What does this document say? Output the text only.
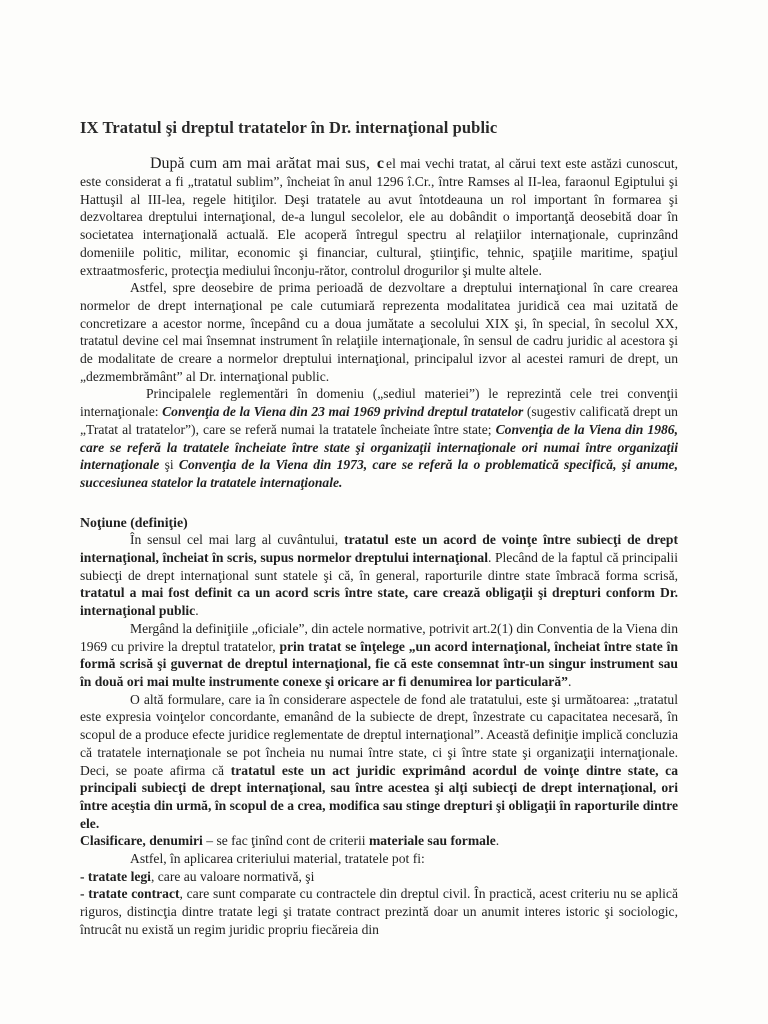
IX Tratatul şi dreptul tratatelor în Dr. internaţional public

După cum am mai arătat mai sus, c el mai vechi tratat, al cărui text este astăzi cunoscut, este considerat a fi „tratatul sublim”, încheiat în anul 1296 î.Cr., între Ramses al II-lea, faraonul Egiptului şi Hattuşil al III-lea, regele hitiţilor. Deşi tratatele au avut întotdeauna un rol important în formarea şi dezvoltarea dreptului internaţional, de-a lungul secolelor, ele au dobândit o importanţă deosebită doar în societatea internaţională actuală. Ele acoperă întregul spectru al relaţiilor internaţionale, cuprinzând domeniile politic, militar, economic şi financiar, cultural, ştiinţific, tehnic, spaţiile maritime, spaţiul extraatmosferic, protecţia mediului înconju-rător, controlul drogurilor şi multe altele.

Astfel, spre deosebire de prima perioadă de dezvoltare a dreptului internaţional în care crearea normelor de drept internaţional pe cale cutumiară reprezenta modalitatea juridică cea mai uzitată de concretizare a acestor norme, începând cu a doua jumătate a secolului XIX şi, în special, în secolul XX, tratatul devine cel mai însemnat instrument în relaţiile internaţionale, în sensul de cadru juridic al acestora şi de modalitate de creare a normelor dreptului internaţional, principalul izvor al acestei ramuri de drept, un „dezmembrământ” al Dr. internaţional public.

Principalele reglementări în domeniu („sediul materiei”) le reprezintă cele trei convenţii internaţionale: Convenţia de la Viena din 23 mai 1969 privind dreptul tratatelor (sugestiv calificată drept un „Tratat al tratatelor”), care se referă numai la tratatele încheiate între state; Convenţia de la Viena din 1986, care se referă la tratatele încheiate între state şi organizaţii internaţionale ori numai între organizaţii internaţionale şi Convenţia de la Viena din 1973, care se referă la o problematică specifică, şi anume, succesiunea statelor la tratatele internaţionale.

Noţiune (definiţie)

În sensul cel mai larg al cuvântului, tratatul este un acord de voinţe între subiecţi de drept internaţional, încheiat în scris, supus normelor dreptului internaţional. Plecând de la faptul că principalii subiecţi de drept internaţional sunt statele şi că, în general, raporturile dintre state îmbracă forma scrisă, tratatul a mai fost definit ca un acord scris între state, care crează obligaţii şi drepturi conform Dr. internaţional public.

Mergând la definiţiile „oficiale”, din actele normative, potrivit art.2(1) din Conventia de la Viena din 1969 cu privire la dreptul tratatelor, prin tratat se înţelege „un acord internaţional, încheiat între state în formă scrisă şi guvernat de dreptul internaţional, fie că este consemnat într-un singur instrument sau în două ori mai multe instrumente conexe şi oricare ar fi denumirea lor particulară”.

O altă formulare, care ia în considerare aspectele de fond ale tratatului, este şi următoarea: „tratatul este expresia voinţelor concordante, emanând de la subiecte de drept, înzestrate cu capacitatea necesară, în scopul de a produce efecte juridice reglementate de dreptul internaţional”. Această definiţie implică concluzia că tratatele internaţionale se pot încheia nu numai între state, ci şi între state şi organizaţii internaţionale. Deci, se poate afirma că tratatul este un act juridic exprimând acordul de voinţe dintre state, ca principali subiecţi de drept internaţional, sau între acestea şi alţi subiecţi de drept internaţional, ori între aceştia din urmă, în scopul de a crea, modifica sau stinge drepturi şi obligaţii în raporturile dintre ele.

Clasificare, denumiri – se fac ţinînd cont de criterii materiale sau formale.

Astfel, în aplicarea criteriului material, tratatele pot fi:

- tratate legi, care au valoare normativă, şi

- tratate contract, care sunt comparate cu contractele din dreptul civil. În practică, acest criteriu nu se aplică riguros, distincţia dintre tratate legi şi tratate contract prezintă doar un anumit interes istoric şi sociologic, întrucât nu există un regim juridic propriu fiecăreia din
